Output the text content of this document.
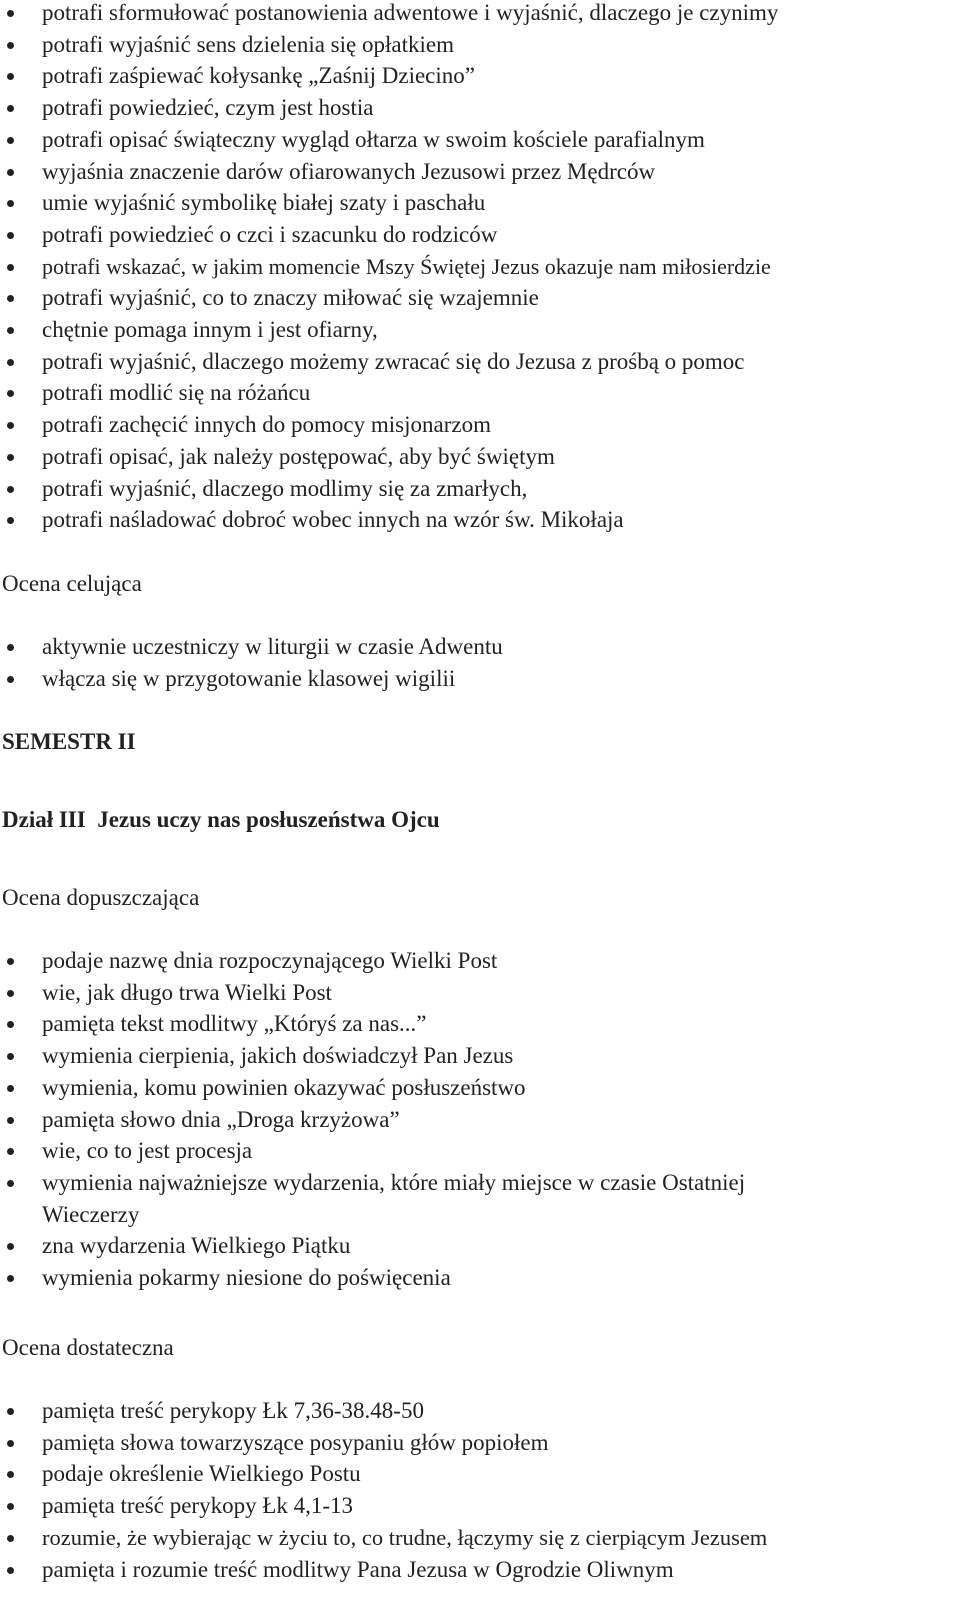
potrafi sformułować postanowienia adwentowe i wyjaśnić, dlaczego je czynimy
potrafi wyjaśnić sens dzielenia się opłatkiem
potrafi zaśpiewać kołysankę „Zaśnij Dziecino”
potrafi powiedzieć, czym jest hostia
potrafi opisać świąteczny wygląd ołtarza w swoim kościele parafialnym
wyjaśnia znaczenie darów ofiarowanych Jezusowi przez Mędrców
umie wyjaśnić symbolikę białej szaty i paschału
potrafi powiedzieć o czci i szacunku do rodziców
potrafi wskazać, w jakim momencie Mszy Świętej Jezus okazuje nam miłosierdzie
potrafi wyjaśnić, co to znaczy miłować się wzajemnie
chętnie pomaga innym i jest ofiarny,
potrafi wyjaśnić, dlaczego możemy zwracać się do Jezusa z prośbą o pomoc
potrafi modlić się na różańcu
potrafi zachęcić innych do pomocy misjonarzom
potrafi opisać, jak należy postępować, aby być świętym
potrafi wyjaśnić, dlaczego modlimy się za zmarłych,
potrafi naśladować dobroć wobec innych na wzór św. Mikołaja
Ocena celująca
aktywnie uczestniczy w liturgii w czasie Adwentu
włącza się w przygotowanie klasowej wigilii
SEMESTR II
Dział III  Jezus uczy nas posłuszeństwa Ojcu
Ocena dopuszczająca
podaje nazwę dnia rozpoczynającego Wielki Post
wie, jak długo trwa Wielki Post
pamięta tekst modlitwy „Któryś za nas...”
wymienia cierpienia, jakich doświadczył Pan Jezus
wymienia, komu powinien okazywać posłuszeństwo
pamięta słowo dnia „Droga krzyżowa”
wie, co to jest procesja
wymienia najważniejsze wydarzenia, które miały miejsce w czasie Ostatniej Wieczerzy
zna wydarzenia Wielkiego Piątku
wymienia pokarmy niesione do poświęcenia
Ocena dostateczna
pamięta treść perykopy Łk 7,36-38.48-50
pamięta słowa towarzyszące posypaniu głów popiołem
podaje określenie Wielkiego Postu
pamięta treść perykopy Łk 4,1-13
rozumie, że wybierając w życiu to, co trudne, łączymy się z cierpiącym Jezusem
pamięta i rozumie treść modlitwy Pana Jezusa w Ogrodzie Oliwnym
